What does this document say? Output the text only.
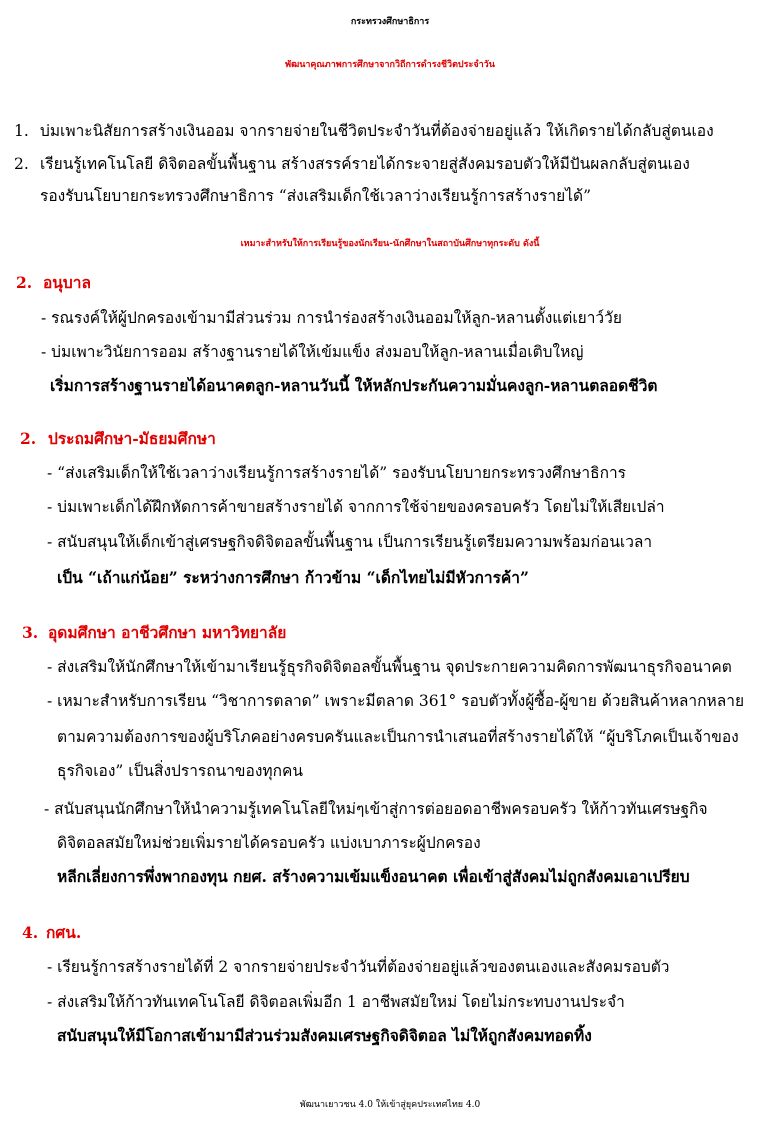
กระทรวงศึกษาธิการ
พัฒนาคุณภาพการศึกษาจากวิถีการดำรงชีวิตประจำวัน
1. บ่มเพาะนิสัยการสร้างเงินออม จากรายจ่ายในชีวิตประจำวันที่ต้องจ่ายอยู่แล้ว ให้เกิดรายได้กลับสู่ตนเอง
2. เรียนรู้เทคโนโลยี ดิจิตอลขั้นพื้นฐาน สร้างสรรค์รายได้กระจายสู่สังคมรอบตัวให้มีปันผลกลับสู่ตนเอง
รองรับนโยบายกระทรวงศึกษาธิการ “ส่งเสริมเด็กใช้เวลาว่างเรียนรู้การสร้างรายได้”
เหมาะสำหรับให้การเรียนรู้ของนักเรียน-นักศึกษาในสถาบันศึกษาทุกระดับ ดังนี้
2. อนุบาล
- รณรงค์ให้ผู้ปกครองเข้ามามีส่วนร่วม การนำร่องสร้างเงินออมให้ลูก-หลานตั้งแต่เยาว์วัย
- บ่มเพาะวินัยการออม สร้างฐานรายได้ให้เข้มแข็ง ส่งมอบให้ลูก-หลานเมื่อเติบใหญ่
เริ่มการสร้างฐานรายได้อนาคตลูก-หลานวันนี้ ให้หลักประกันความมั่นคงลูก-หลานตลอดชีวิต
2. ประถมศึกษา-มัธยมศึกษา
- “ส่งเสริมเด็กให้ใช้เวลาว่างเรียนรู้การสร้างรายได้” รองรับนโยบายกระทรวงศึกษาธิการ
- บ่มเพาะเด็กได้ฝึกหัดการค้าขายสร้างรายได้ จากการใช้จ่ายของครอบครัว โดยไม่ให้เสียเปล่า
- สนับสนุนให้เด็กเข้าสู่เศรษฐกิจดิจิตอลขั้นพื้นฐาน เป็นการเรียนรู้เตรียมความพร้อมก่อนเวลา
เป็น “เถ้าแก่น้อย” ระหว่างการศึกษา ก้าวข้าม “เด็กไทยไม่มีหัวการค้า”
3. อุดมศึกษา อาชีวศึกษา มหาวิทยาลัย
- ส่งเสริมให้นักศึกษาให้เข้ามาเรียนรู้ธุรกิจดิจิตอลขั้นพื้นฐาน จุดประกายความคิดการพัฒนาธุรกิจอนาคต
- เหมาะสำหรับการเรียน “วิชาการตลาด” เพราะมีตลาด 361° รอบตัวทั้งผู้ซื้อ-ผู้ขาย ด้วยสินค้าหลากหลาย
ตามความต้องการของผู้บริโภคอย่างครบครันและเป็นการนำเสนอที่สร้างรายได้ให้ “ผู้บริโภคเป็นเจ้าของ
ธุรกิจเอง” เป็นสิ่งปรารถนาของทุกคน
- สนับสนุนนักศึกษาให้นำความรู้เทคโนโลยีใหม่ๆเข้าสู่การต่อยอดอาชีพครอบครัว ให้ก้าวทันเศรษฐกิจ
ดิจิตอลสมัยใหม่ช่วยเพิ่มรายได้ครอบครัว แบ่งเบาภาระผู้ปกครอง
หลีกเลี่ยงการพึ่งพากองทุน กยศ. สร้างความเข้มแข็งอนาคต เพื่อเข้าสู่สังคมไม่ถูกสังคมเอาเปรียบ
4. กศน.
- เรียนรู้การสร้างรายได้ที่ 2 จากรายจ่ายประจำวันที่ต้องจ่ายอยู่แล้วของตนเองและสังคมรอบตัว
- ส่งเสริมให้ก้าวทันเทคโนโลยี ดิจิตอลเพิ่มอีก 1 อาชีพสมัยใหม่ โดยไม่กระทบงานประจำ
สนับสนุนให้มีโอกาสเข้ามามีส่วนร่วมสังคมเศรษฐกิจดิจิตอล ไม่ให้ถูกสังคมทอดทิ้ง
พัฒนาเยาวชน 4.0 ให้เข้าสู่ยุคประเทศไทย 4.0
